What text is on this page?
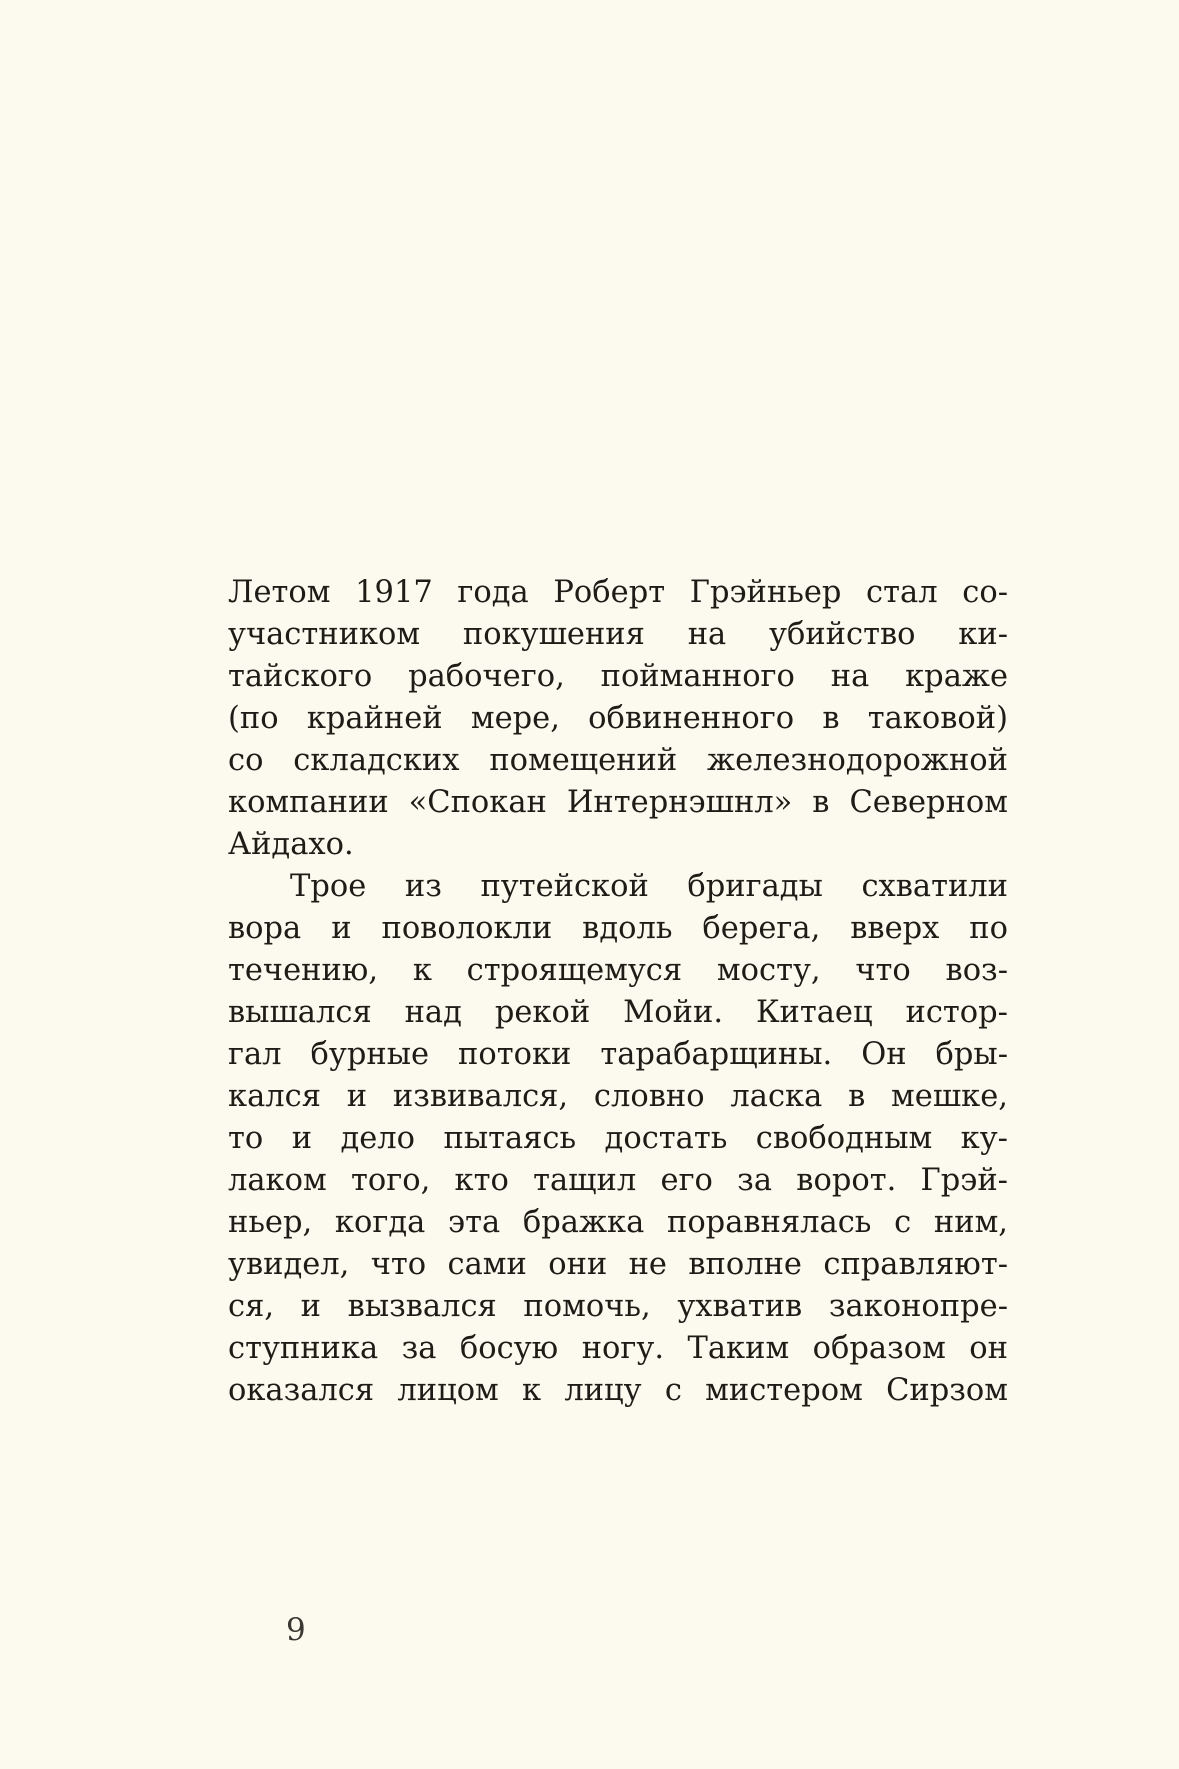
Летом 1917 года Роберт Грэйньер стал со-
участником покушения на убийство ки-
тайского рабочего, пойманного на краже
(по крайней мере, обвиненного в таковой)
со складских помещений железнодорожной
компании «Спокан Интернэшнл» в Северном
Айдахо.
Трое из путейской бригады схватили
вора и поволокли вдоль берега, вверх по
течению, к строящемуся мосту, что воз-
вышался над рекой Мойи. Китаец истор-
гал бурные потоки тарабарщины. Он бры-
кался и извивался, словно ласка в мешке,
то и дело пытаясь достать свободным ку-
лаком того, кто тащил его за ворот. Грэй-
ньер, когда эта бражка поравнялась с ним,
увидел, что сами они не вполне справляют-
ся, и вызвался помочь, ухватив законопре-
ступника за босую ногу. Таким образом он
оказался лицом к лицу с мистером Сирзом
9
